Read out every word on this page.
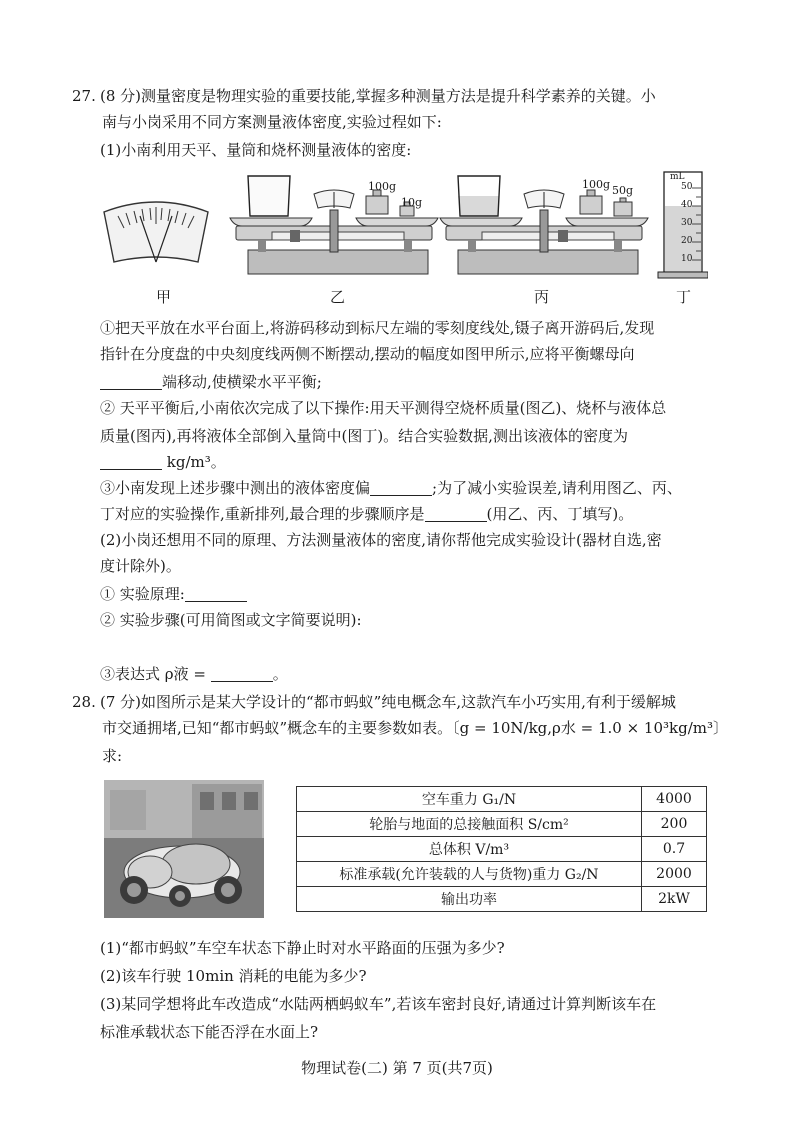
27. (8 分)测量密度是物理实验的重要技能,掌握多种测量方法是提升科学素养的关键。小
南与小岗采用不同方案测量液体密度,实验过程如下:
(1)小南利用天平、量筒和烧杯测量液体的密度:
100g
10g
100g 50g
mL
50
40
30
20
10
甲	乙	丙	丁
①把天平放在水平台面上,将游码移动到标尺左端的零刻度线处,镊子离开游码后,发现
指针在分度盘的中央刻度线两侧不断摆动,摆动的幅度如图甲所示,应将平衡螺母向
端移动,使横梁水平平衡;
② 天平平衡后,小南依次完成了以下操作:用天平测得空烧杯质量(图乙)、烧杯与液体总
质量(图丙),再将液体全部倒入量筒中(图丁)。结合实验数据,测出该液体的密度为
kg/m³。
③小南发现上述步骤中测出的液体密度偏	;为了减小实验误差,请利用图乙、丙、
丁对应的实验操作,重新排列,最合理的步骤顺序是	(用乙、丙、丁填写)。
(2)小岗还想用不同的原理、方法测量液体的密度,请你帮他完成实验设计(器材自选,密
度计除外)。
① 实验原理:
② 实验步骤(可用简图或文字简要说明):
③表达式 ρ液 =	。
28. (7 分)如图所示是某大学设计的“都市蚂蚁”纯电概念车,这款汽车小巧实用,有利于缓解城
市交通拥堵,已知“都市蚂蚁”概念车的主要参数如表。〔g = 10N/kg,ρ水 = 1.0 × 10³kg/m³〕
求:
空车重力 G₁/N	4000
轮胎与地面的总接触面积 S/cm²	200
总体积 V/m³	0.7
标准承载(允许装载的人与货物)重力 G₂/N	2000
输出功率	2kW
(1)“都市蚂蚁”车空车状态下静止时对水平路面的压强为多少?
(2)该车行驶 10min 消耗的电能为多少?
(3)某同学想将此车改造成“水陆两栖蚂蚁车”,若该车密封良好,请通过计算判断该车在
标准承载状态下能否浮在水面上?
物理试卷(二) 第 7 页(共7页)
